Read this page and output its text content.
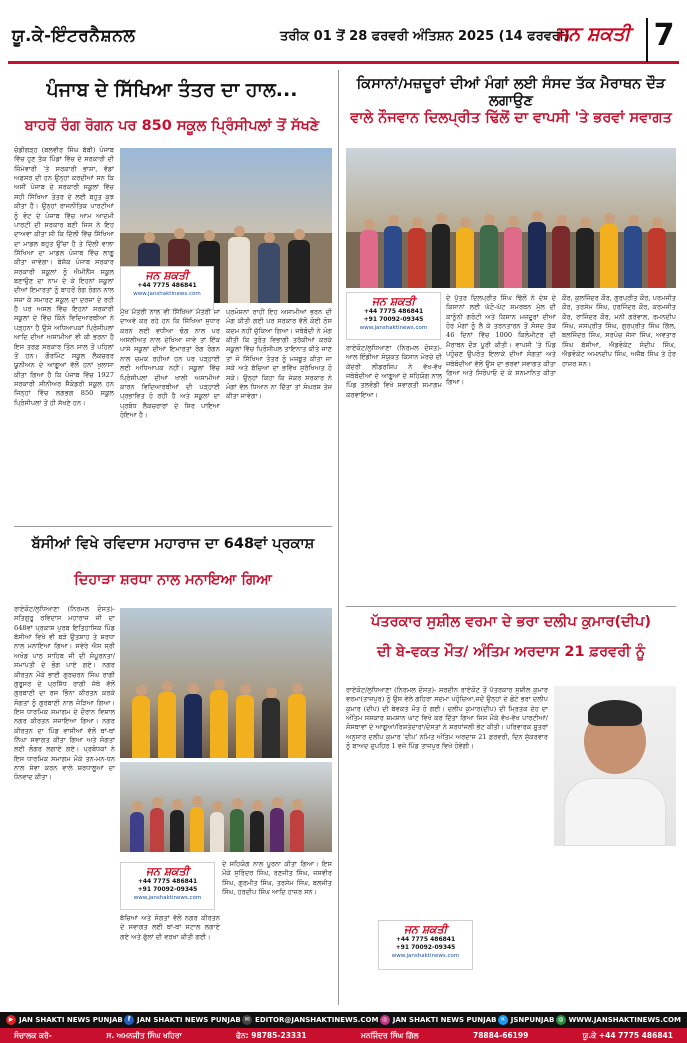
ਯੂ.ਕੇ-ਇੰਟਰਨੈਸ਼ਨਲ	ਤਰੀਕ 01 ਤੋਂ 28 ਫਰਵਰੀ ਅੰਤਿਸ਼ਨ 2025 (14 ਫਰਵਰੀ)
ਜਨ ਸ਼ਕਤੀ 7
ਪੰਜਾਬ ਦੇ ਸਿੱਖਿਆ ਤੰਤਰ ਦਾ ਹਾਲ...
ਬਾਹਰੋਂ ਰੰਗ ਰੋਗਨ ਪਰ 850 ਸਕੂਲ ਪ੍ਰਿੰਸੀਪਲਾਂ ਤੋਂ ਸੱਖਣੇ
ਜਨ ਸ਼ਕਤੀ
+44 7775 486841
www.janshaktinews.com
ਚੰਡੀਗੜ੍ਹ (ਬਲਵੀਰ ਸਿੰਘ ਬੱਬੀ) ਪੰਜਾਬ ਵਿੱਚ ਹੁਣ ਤੱਕ ਪਿੰਡਾਂ ਵਿੱਚ ਦੇ ਸਰਕਾਰੀ ਦੀ ਜ਼ਿੰਮੇਵਾਰੀ 'ਤੇ ਸਰਕਾਰੀ ਭਾਸ਼ਾ, ਵੱਡਾਂ ਅਫਸਰ ਦੀ ਹਨ ਉਨ੍ਹਾਂ ਕਰਦੀਆਂ ਸਨ ਕਿ ਅਸੀਂ ਪੰਜਾਬ ਦੇ ਸਰਕਾਰੀ ਸਕੂਲਾਂ ਵਿੱਚ ਸਹੀ ਸਿੱਖਿਆ ਤੰਤਰ ਦੇ ਲਈ ਬਹੁਤ ਕੁਝ ਕੀਤਾ ਹੈ। ਉਨ੍ਹਾਂ ਰਾਜਨੀਤਿਕ ਪਾਰਟੀਆਂ ਨੂੰ ਵੋਟ ਦੇ ਪੰਜਾਬ ਵਿੱਚ ਆਮ ਆਦਮੀ ਪਾਰਟੀ ਦੀ ਸਰਕਾਰ ਬਣੀ ਜਿਸ ਨੇ ਇਹ ਦਾਅਵਾ ਕੀਤਾ ਸੀ ਕਿ ਦਿੱਲੀ ਵਿੱਚ ਸਿੱਖਿਆ ਦਾ ਮਾਡਲ ਬਹੁਤ ਉੱਚਾ ਹੈ ਤੇ ਦਿੱਲੀ ਵਾਲਾ ਸਿੱਖਿਆ ਦਾ ਮਾਡਲ ਪੰਜਾਬ ਵਿੱਚ ਲਾਗੂ ਕੀਤਾ ਜਾਵੇਗਾ। ਬੇਸ਼ੱਕ ਪੰਜਾਬ ਸਰਕਾਰ ਸਰਕਾਰੀ ਸਕੂਲਾਂ ਨੂੰ ਐਮੀਨੈਂਸ ਸਕੂਲ ਬਣਾਉਣ ਦਾ ਨਾਮ ਦੇ ਕੇ ਇਹਨਾਂ ਸਕੂਲਾਂ ਦੀਆਂ ਇਮਾਰਤਾਂ ਨੂੰ ਬਾਹਰੋਂ ਰੰਗ ਰੋਗਨ ਨਾਲ ਸਜਾ ਕੇ ਸਮਾਰਟ ਸਕੂਲ ਦਾ ਦਰਜਾ ਦੇ ਰਹੀ ਹੈ ਪਰ ਅਸਲ ਵਿੱਚ ਇਹਨਾਂ ਸਰਕਾਰੀ ਸਕੂਲਾਂ ਦੇ ਵਿੱਚ ਕਿੰਨੇ ਵਿਦਿਆਰਥੀਆਂ ਨੇ ਪੜ੍ਹਨਾ ਹੈ ਉਸੇ ਅਧਿਆਪਕਾਂ ਪ੍ਰਿੰਸੀਪਲਾਂ ਆਦਿ ਦੀਆਂ ਅਸਾਮੀਆਂ ਵੀ ਕੀ ਭਰਨਾ ਹੈ ਇਸ ਤਰਫ਼ ਸਰਕਾਰ ਤਿੰਨ ਸਾਲ ਤੋਂ ਪਹਿਲਾਂ ਤੋਂ ਹਨ। ਗੌਰਮਿੰਟ ਸਕੂਲ ਲੈਕਚਰਰ ਯੂਨੀਅਨ ਦੇ ਆਗੂਆਂ ਵੱਲੋਂ ਹਨਾਂ ਖੁਲਾਸਾ ਕੀਤਾ ਗਿਆ ਹੈ ਕਿ ਪੰਜਾਬ ਵਿੱਚ 1927 ਸਰਕਾਰੀ ਸੀਨੀਅਰ ਸੈਕੰਡਰੀ ਸਕੂਲ ਹਨ ਜਿਨ੍ਹਾਂ ਵਿੱਚ ਲਗਭਗ 850 ਸਕੂਲ ਪ੍ਰਿੰਸੀਪਲਾਂ ਤੋਂ ਹੀ ਸੱਖਣੇ ਹਨ।
ਮੁੱਖ ਮੰਤਰੀ ਨਾਲ ਵੀ ਸਿੱਖਿਆ ਮੰਤਰੀ ਜਾਂ ਦਾਅਵੇ ਕਰ ਰਹੇ ਹਨ ਕਿ ਸਿੱਖਿਆ ਸੁਧਾਰ ਕਰਨ ਲਈ ਵਧੀਆ ਢੰਗ ਨਾਲ ਪਰ ਅਸਲੀਅਤ ਨਾਲ ਦੇਖਿਆ ਜਾਵੇ ਤਾਂ ਇੱਕ ਪਾਸੇ ਸਕੂਲਾਂ ਦੀਆਂ ਇਮਾਰਤਾਂ ਰੰਗ ਰੋਗਨ ਨਾਲ ਚਮਕ ਰਹੀਆਂ ਹਨ ਪਰ ਪੜ੍ਹਾਈ ਲਈ ਅਧਿਆਪਕ ਨਹੀਂ। ਸਕੂਲਾਂ ਵਿੱਚ ਪ੍ਰਿੰਸੀਪਲਾਂ ਦੀਆਂ ਖਾਲੀ ਅਸਾਮੀਆਂ ਕਾਰਨ ਵਿਦਿਆਰਥੀਆਂ ਦੀ ਪੜ੍ਹਾਈ ਪ੍ਰਭਾਵਿਤ ਹੋ ਰਹੀ ਹੈ ਅਤੇ ਸਕੂਲਾਂ ਦਾ ਪ੍ਰਬੰਧ ਲੈਕਚਰਾਰਾਂ ਦੇ ਸਿਰ ਪਾਇਆ ਹੋਇਆ ਹੈ।
ਪ੍ਰਮੋਸ਼ਨਾਂ ਰਾਹੀਂ ਇਹ ਅਸਾਮੀਆਂ ਭਰਨ ਦੀ ਮੰਗ ਕੀਤੀ ਗਈ ਪਰ ਸਰਕਾਰ ਵੱਲੋਂ ਕੋਈ ਠੋਸ ਕਦਮ ਨਹੀਂ ਚੁੱਕਿਆ ਗਿਆ। ਜਥੇਬੰਦੀ ਨੇ ਮੰਗ ਕੀਤੀ ਕਿ ਤੁਰੰਤ ਵਿਭਾਗੀ ਤਰੱਕੀਆਂ ਕਰਕੇ ਸਕੂਲਾਂ ਵਿੱਚ ਪ੍ਰਿੰਸੀਪਲ ਤਾਇਨਾਤ ਕੀਤੇ ਜਾਣ ਤਾਂ ਜੋ ਸਿੱਖਿਆ ਤੰਤਰ ਨੂੰ ਮਜ਼ਬੂਤ ਕੀਤਾ ਜਾ ਸਕੇ ਅਤੇ ਬੱਚਿਆਂ ਦਾ ਭਵਿੱਖ ਸੁਰੱਖਿਅਤ ਹੋ ਸਕੇ। ਉਨ੍ਹਾਂ ਕਿਹਾ ਕਿ ਜੇਕਰ ਸਰਕਾਰ ਨੇ ਮੰਗਾਂ ਵੱਲ ਧਿਆਨ ਨਾ ਦਿੱਤਾ ਤਾਂ ਸੰਘਰਸ਼ ਤੇਜ਼ ਕੀਤਾ ਜਾਵੇਗਾ।
ਬੱਸੀਆਂ ਵਿਖੇ ਰਵਿਦਾਸ ਮਹਾਰਾਜ ਦਾ 648ਵਾਂ ਪ੍ਰਕਾਸ਼
ਦਿਹਾੜਾ ਸ਼ਰਧਾ ਨਾਲ ਮਨਾਇਆ ਗਿਆ
ਰਾਏਕੋਟ/ਲੁਧਿਆਣਾ (ਨਿਰਮਲ ਦੋਸਤ)- ਸਤਿਗੁਰੂ ਰਵਿਦਾਸ ਮਹਾਰਾਜ ਜੀ ਦਾ 648ਵਾਂ ਪ੍ਰਕਾਸ਼ ਪੁਰਬ ਇਤਿਹਾਸਿਕ ਪਿੰਡ ਬੱਸੀਆਂ ਵਿਖੇ ਵੀ ਬੜੇ ਉਤਸ਼ਾਹ ਤੇ ਸ਼ਰਧਾ ਨਾਲ ਮਨਾਇਆ ਗਿਆ। ਸਵੇਰੇ ਐਸ ਸ੍ਰੀ ਅਖੰਡ ਪਾਠ ਸਾਹਿਬ ਜੀ ਦੀ ਸੰਪੂਰਨਤਾ/ਸਮਾਪਤੀ ਦੇ ਭੋਗ ਪਾਏ ਗਏ। ਨਗਰ ਕੀਰਤਨ ਮੌਕੇ ਭਾਈ ਗੁਰਚਰਨ ਸਿੰਘ ਰਾਗੀ ਗੁਰੂਸਰ ਦੇ ਪ੍ਰਸਿੱਧ ਰਾਗੀ ਜੱਥੇ ਵੱਲੋਂ ਗੁਰਬਾਣੀ ਦਾ ਰਸ ਭਿੰਨਾ ਕੀਰਤਨ ਕਰਕੇ ਸੰਗਤਾਂ ਨੂੰ ਗੁਰਬਾਣੀ ਨਾਲ ਜੋੜਿਆ ਗਿਆ। ਇਸ ਧਾਰਮਿਕ ਸਮਾਗਮ ਦੇ ਦੌਰਾਨ ਵਿਸ਼ਾਲ ਨਗਰ ਕੀਰਤਨ ਸਜਾਇਆ ਗਿਆ। ਨਗਰ ਕੀਰਤਨ ਦਾ ਪਿੰਡ ਵਾਸੀਆਂ ਵੱਲੋਂ ਥਾਂ-ਥਾਂ ਨਿੱਘਾ ਸਵਾਗਤ ਕੀਤਾ ਗਿਆ ਅਤੇ ਸੰਗਤਾਂ ਲਈ ਲੰਗਰ ਲਗਾਏ ਗਏ। ਪ੍ਰਬੰਧਕਾਂ ਨੇ ਇਸ ਧਾਰਮਿਕ ਸਮਾਗਮ ਮੌਕੇ ਤਨ-ਮਨ-ਧਨ ਨਾਲ ਸੇਵਾ ਕਰਨ ਵਾਲੇ ਸ਼ਰਧਾਲੂਆਂ ਦਾ ਧੰਨਵਾਦ ਕੀਤਾ।
ਜਨ ਸ਼ਕਤੀ
+44 7775 486841
+91 70092-09345
www.janshaktinews.com
ਦੇ ਸਹਿਯੋਗ ਨਾਲ ਪੂਰਨਾ ਕੀਤਾ ਗਿਆ। ਇਸ ਮੌਕੇ ਸੁਰਿੰਦਰ ਸਿੰਘ, ਰਣਜੀਤ ਸਿੰਘ, ਜਸਵੀਰ ਸਿੰਘ, ਗੁਰਮੀਤ ਸਿੰਘ, ਤਰਸੇਮ ਸਿੰਘ, ਬਲਜੀਤ ਸਿੰਘ, ਹਰਦੀਪ ਸਿੰਘ ਆਦਿ ਹਾਜ਼ਰ ਸਨ।
ਬੱਚਿਆਂ ਅਤੇ ਸੰਗਤਾਂ ਵੱਲੋਂ ਨਗਰ ਕੀਰਤਨ ਦੇ ਸਵਾਗਤ ਲਈ ਥਾਂ-ਥਾਂ ਸਟਾਲ ਲਗਾਏ ਗਏ ਅਤੇ ਫੁੱਲਾਂ ਦੀ ਵਰਖਾ ਕੀਤੀ ਗਈ।
ਕਿਸਾਨਾਂ/ਮਜ਼ਦੂਰਾਂ ਦੀਆਂ ਮੰਗਾਂ ਲਈ ਸੰਸਦ ਤੱਕ ਮੈਰਾਥਨ ਦੌੜ ਲਗਾਉਣ
ਵਾਲੇ ਨੌਜਵਾਨ ਦਿਲਪ੍ਰੀਤ ਢਿੱਲੋਂ ਦਾ ਵਾਪਸੀ 'ਤੇ ਭਰਵਾਂ ਸਵਾਗਤ
ਜਨ ਸ਼ਕਤੀ
+44 7775 486841
+91 70092-09345
www.janshaktinews.com
ਰਾਏਕੋਟ/ਲੁਧਿਆਣਾ (ਨਿਰਮਲ ਦੋਸਤ)- ਆਲ ਇੰਡੀਆ ਸੰਯੁਕਤ ਕਿਸਾਨ ਮੋਰਚੇ ਦੀ ਕੇਂਦਰੀ ਲੀਡਰਸ਼ਿਪ ਨੇ ਵੱਖ-ਵੱਖ ਜਥੇਬੰਦੀਆਂ ਦੇ ਆਗੂਆਂ ਦੇ ਸਹਿਯੋਗ ਨਾਲ ਪਿੰਡ ਤਲਵੰਡੀ ਵਿਖੇ ਸਵਾਗਤੀ ਸਮਾਗਮ ਕਰਵਾਇਆ।
ਦੇ ਪੁੱਤਰ ਦਿਲਪ੍ਰੀਤ ਸਿੰਘ ਢਿੱਲੋਂ ਨੇ ਦੇਸ਼ ਦੇ ਕਿਸਾਨਾਂ ਲਈ ਘੱਟੋ-ਘੱਟ ਸਮਰਥਨ ਮੁੱਲ ਦੀ ਕਾਨੂੰਨੀ ਗਰੰਟੀ ਅਤੇ ਕਿਸਾਨ ਮਜ਼ਦੂਰਾਂ ਦੀਆਂ ਹੋਰ ਮੰਗਾਂ ਨੂੰ ਲੈ ਕੇ ਤਰਨਤਾਰਨ ਤੋਂ ਸੰਸਦ ਤੱਕ 46 ਦਿਨਾਂ ਵਿੱਚ 1000 ਕਿਲੋਮੀਟਰ ਦੀ ਮੈਰਾਥਨ ਦੌੜ ਪੂਰੀ ਕੀਤੀ। ਵਾਪਸੀ 'ਤੇ ਪਿੰਡ ਪਹੁੰਚਣ ਉਪਰੰਤ ਇਲਾਕੇ ਦੀਆਂ ਸੰਗਤਾਂ ਅਤੇ ਜਥੇਬੰਦੀਆਂ ਵੱਲੋਂ ਉਸ ਦਾ ਭਰਵਾਂ ਸਵਾਗਤ ਕੀਤਾ ਗਿਆ ਅਤੇ ਸਿਰੋਪਾਓ ਦੇ ਕੇ ਸਨਮਾਨਿਤ ਕੀਤਾ ਗਿਆ।
ਕੌਰ, ਕੁਲਜਿੰਦਰ ਕੌਰ, ਗੁਰਪ੍ਰੀਤ ਕੌਰ, ਪਰਮਜੀਤ ਕੌਰ, ਤਰਸੇਮ ਸਿੰਘ, ਹਰਜਿੰਦਰ ਕੌਰ, ਕਰਮਜੀਤ ਕੌਰ, ਰਾਜਿੰਦਰ ਕੌਰ, ਮਨੀ ਗਰੇਵਾਲ, ਰਮਨਦੀਪ ਸਿੰਘ, ਜਸਪ੍ਰੀਤ ਸਿੰਘ, ਗੁਰਪ੍ਰੀਤ ਸਿੰਘ ਗਿੱਲ, ਬਲਜਿੰਦਰ ਸਿੰਘ, ਸਰਪੰਚ ਜੱਸਾ ਸਿੰਘ, ਅਵਤਾਰ ਸਿੰਘ ਬੱਸੀਆਂ, ਐਡਵੋਕੇਟ ਸੰਦੀਪ ਸਿੰਘ, ਐਡਵੋਕੇਟ ਅਮਨਦੀਪ ਸਿੰਘ, ਅਜੈਬ ਸਿੰਘ ਤੇ ਹੋਰ ਹਾਜ਼ਰ ਸਨ।
ਪੱਤਰਕਾਰ ਸੁਸ਼ੀਲ ਵਰਮਾ ਦੇ ਭਰਾ ਦਲੀਪ ਕੁਮਾਰ(ਦੀਪ)
ਦੀ ਬੇ-ਵਕਤ ਮੌਤ/ ਅੰਤਿਮ ਅਰਦਾਸ 21 ਫ਼ਰਵਰੀ ਨੂੰ
ਰਾਏਕੋਟ/ਲੁਧਿਆਣਾ (ਨਿਰਮਲ ਦੋਸਤ)- ਸਰਦੀਨ ਰਾਏਕੋਟ ਤੋਂ ਪੱਤਰਕਾਰ ਸੁਸ਼ੀਲ ਕੁਮਾਰ ਵਰਮਾ(ਤਾਜਪੁਰ) ਨੂੰ ਉਸ ਵੇਲੇ ਗਹਿਰਾ ਸਦਮਾ ਪਹੁੰਚਿਆ,ਜਦੋਂ ਉਨ੍ਹਾਂ ਦੇ ਛੋਟੇ ਭਰਾ ਦਲੀਪ ਕੁਮਾਰ (ਦੀਪ) ਦੀ ਬੇਵਕਤ ਮੌਤ ਹੋ ਗਈ। ਦਲੀਪ ਕੁਮਾਰ(ਦੀਪ) ਦੀ ਮ੍ਰਿਤਕ ਦੇਹ ਦਾ ਅੰਤਿਮ ਸਸਕਾਰ ਸ਼ਮਸ਼ਾਨ ਘਾਟ ਵਿਖੇ ਕਰ ਦਿੱਤਾ ਗਿਆ ਜਿਸ ਮੌਕੇ ਵੱਖ-ਵੱਖ ਪਾਰਟੀਆਂ/ਸੰਸਥਾਵਾਂ ਦੇ ਆਗੂਆਂ/ਰਿਸ਼ਤੇਦਾਰਾਂ/ਦੋਸਤਾਂ ਨੇ ਸ਼ਰਧਾਂਜਲੀ ਭੇਟ ਕੀਤੀ। ਪਰਿਵਾਰਕ ਸੂਤਰਾਂ ਅਨੁਸਾਰ ਦਲੀਪ ਕੁਮਾਰ 'ਦੀਪ' ਨਮਿਤ ਅੰਤਿਮ ਅਰਦਾਸ 21 ਫ਼ਰਵਰੀ, ਦਿਨ ਸ਼ੁੱਕਰਵਾਰ ਨੂੰ ਬਾਅਦ ਦੁਪਹਿਰ 1 ਵਜੇ ਪਿੰਡ ਤਾਜਪੁਰ ਵਿਖੇ ਹੋਵੇਗੀ।
ਜਨ ਸ਼ਕਤੀ
+44 7775 486841
+91 70092-09345
www.janshaktinews.com
▶ JAN SHAKTI NEWS PUNJAB f JAN SHAKTI NEWS PUNJAB ✉ EDITOR@JANSHAKTINEWS.COM ◎ JAN SHAKTI NEWS PUNJAB ✕ JSNPUNJAB ◍ WWW.JANSHAKTINEWS.COM
ਸੰਚਾਲਕ ਕਰੋ-	ਸ. ਅਮਨਜੀਤ ਸਿੰਘ ਖਹਿਰਾ	ਫੋਨ: 98785-23331	ਮਨਜਿੰਦਰ ਸਿੰਘ ਗਿੱਲ	78884-66199	ਯੂ.ਕੇ +44 7775 486841
